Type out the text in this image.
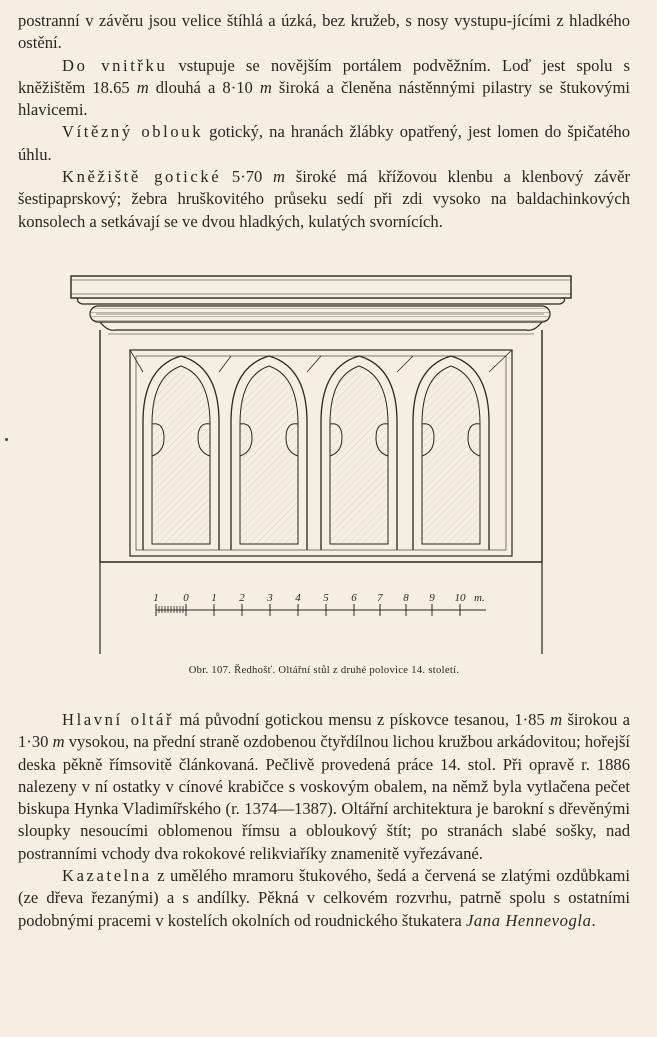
postranní v závěru jsou velice štíhlá a úzká, bez kružeb, s nosy vystupu-jícími z hladkého ostění.

Do vnitřku vstupuje se novějším portálem podvěžním. Loď jest spolu s kněžištěm 18.65 m dlouhá a 8·10 m široká a členěna nástěnnými pilastry se štukovými hlavicemi.

Vítězný oblouk gotický, na hranách žlábky opatřený, jest lomen do špičatého úhlu.

Kněžiště gotické 5·70 m široké má křížovou klenbu a klenbový závěr šestipaprskový; žebra hruškovitého průseku sedí při zdi vysoko na baldachinkových konsolech a setkávají se ve dvou hladkých, kulatých svornících.

1 0 1 2 3 4 5 6 7 8 9 10 m.
Obr. 107. Ředhošť. Oltářní stůl z druhé polovice 14. století.

Hlavní oltář má původní gotickou mensu z pískovce tesanou, 1·85 m širokou a 1·30 m vysokou, na přední straně ozdobenou čtyřdílnou lichou kružbou arkádovitou; hořejší deska pěkně římsovitě článkovaná. Pečlivě provedená práce 14. stol. Při opravě r. 1886 nalezeny v ní ostatky v cínové krabičce s voskovým obalem, na němž byla vytlačena pečet biskupa Hynka Vladimířského (r. 1374—1387). Oltářní architektura je barokní s dřevěnými sloupky nesoucími oblomenou římsu a obloukový štít; po stranách slabé sošky, nad postranními vchody dva rokokové relikviaříky znamenitě vyřezávané.

Kazatelna z umělého mramoru štukového, šedá a červená se zlatými ozdůbkami (ze dřeva řezanými) a s andílky. Pěkná v celkovém rozvrhu, patrně spolu s ostatními podobnými pracemi v kostelích okolních od roudnického štukatera Jana Hennevogla.
